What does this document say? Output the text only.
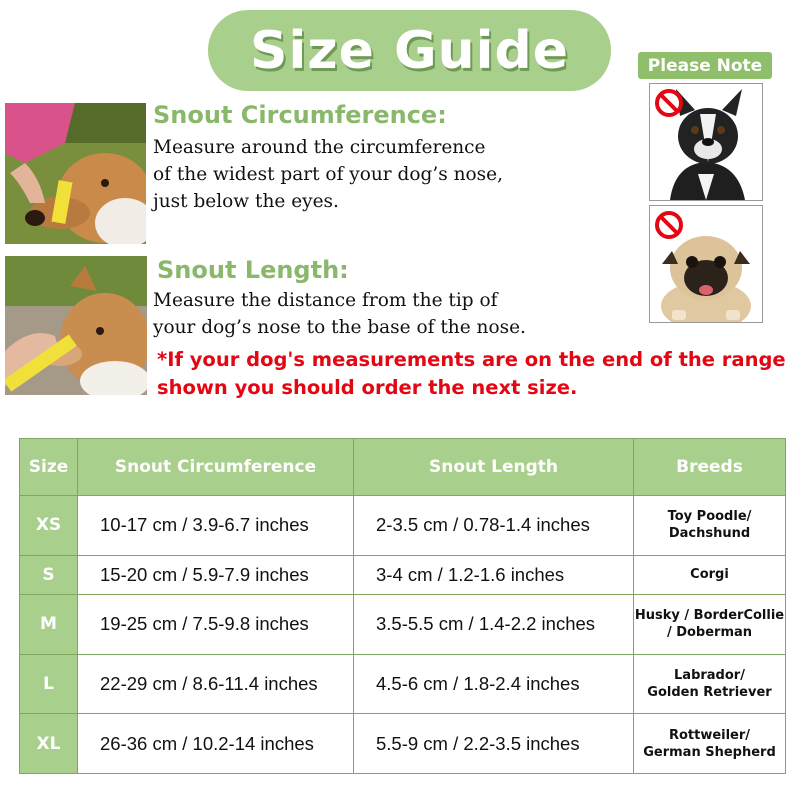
Size Guide	Please Note
Snout Circumference:
Measure around the circumference
of the widest part of your dog’s nose,
just below the eyes.
Snout Length:
Measure the distance from the tip of
your dog’s nose to the base of the nose.
*If your dog's measurements are on the end of the range
shown you should order the next size.
Size	Snout Circumference	Snout Length	Breeds
XS	10-17 cm / 3.9-6.7 inches	2-3.5 cm / 0.78-1.4 inches	Toy Poodle/
Dachshund

S	15-20 cm / 5.9-7.9 inches	3-4 cm / 1.2-1.6 inches	Corgi

M	19-25 cm / 7.5-9.8 inches	3.5-5.5 cm / 1.4-2.2 inches	Husky / BorderCollie
/ Doberman

L	22-29 cm / 8.6-11.4 inches	4.5-6 cm / 1.8-2.4 inches	Labrador/
Golden Retriever

XL	26-36 cm / 10.2-14 inches	5.5-9 cm / 2.2-3.5 inches	Rottweiler/
German Shepherd
